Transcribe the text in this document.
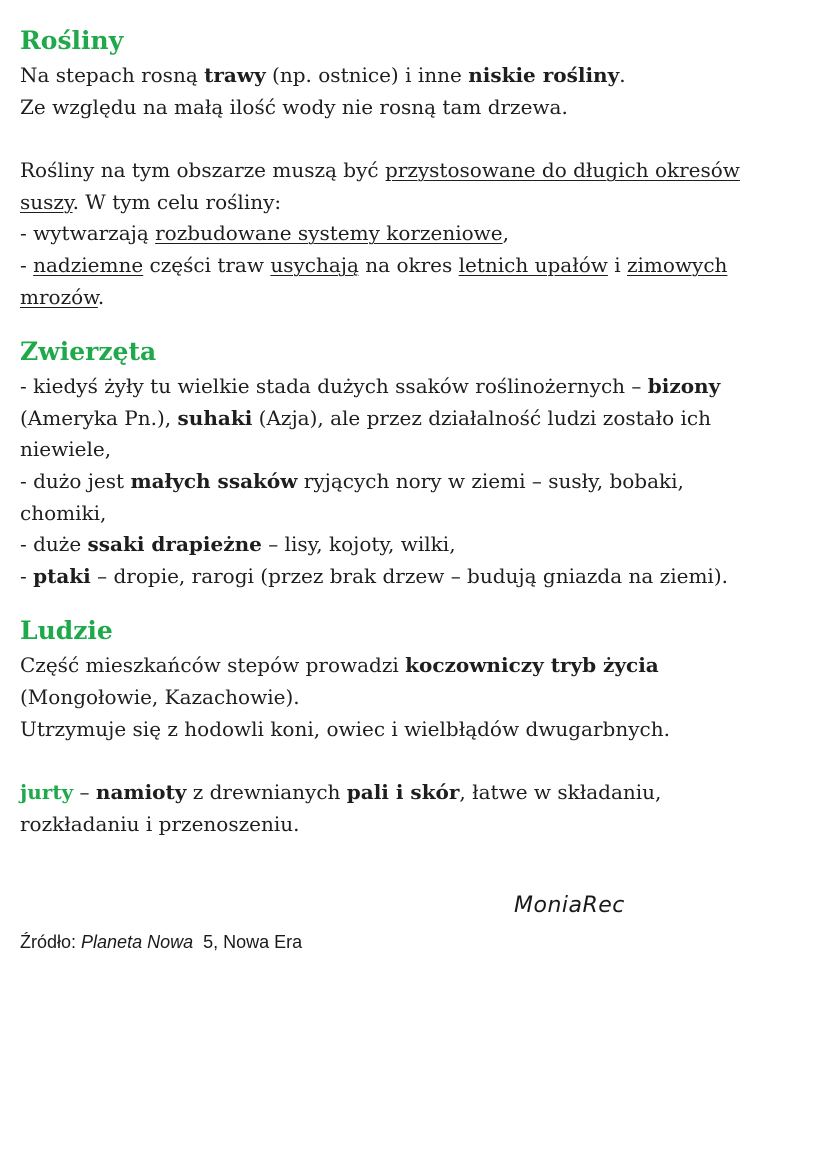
Rośliny

Na stepach rosną trawy (np. ostnice) i inne niskie rośliny.
Ze względu na małą ilość wody nie rosną tam drzewa.

Rośliny na tym obszarze muszą być przystosowane do długich okresów
suszy. W tym celu rośliny:
- wytwarzają rozbudowane systemy korzeniowe,
- nadziemne części traw usychają na okres letnich upałów i zimowych
mrozów.

Zwierzęta

- kiedyś żyły tu wielkie stada dużych ssaków roślinożernych – bizony
(Ameryka Pn.), suhaki (Azja), ale przez działalność ludzi zostało ich
niewiele,
- dużo jest małych ssaków ryjących nory w ziemi – susły, bobaki,
chomiki,
- duże ssaki drapieżne – lisy, kojoty, wilki,
- ptaki – dropie, rarogi (przez brak drzew – budują gniazda na ziemi).

Ludzie

Część mieszkańców stepów prowadzi koczowniczy tryb życia
(Mongołowie, Kazachowie).
Utrzymuje się z hodowli koni, owiec i wielbłądów dwugarbnych.

jurty – namioty z drewnianych pali i skór, łatwe w składaniu,
rozkładaniu i przenoszeniu.

MoniaRec
Źródło: Planeta Nowa  5, Nowa Era
